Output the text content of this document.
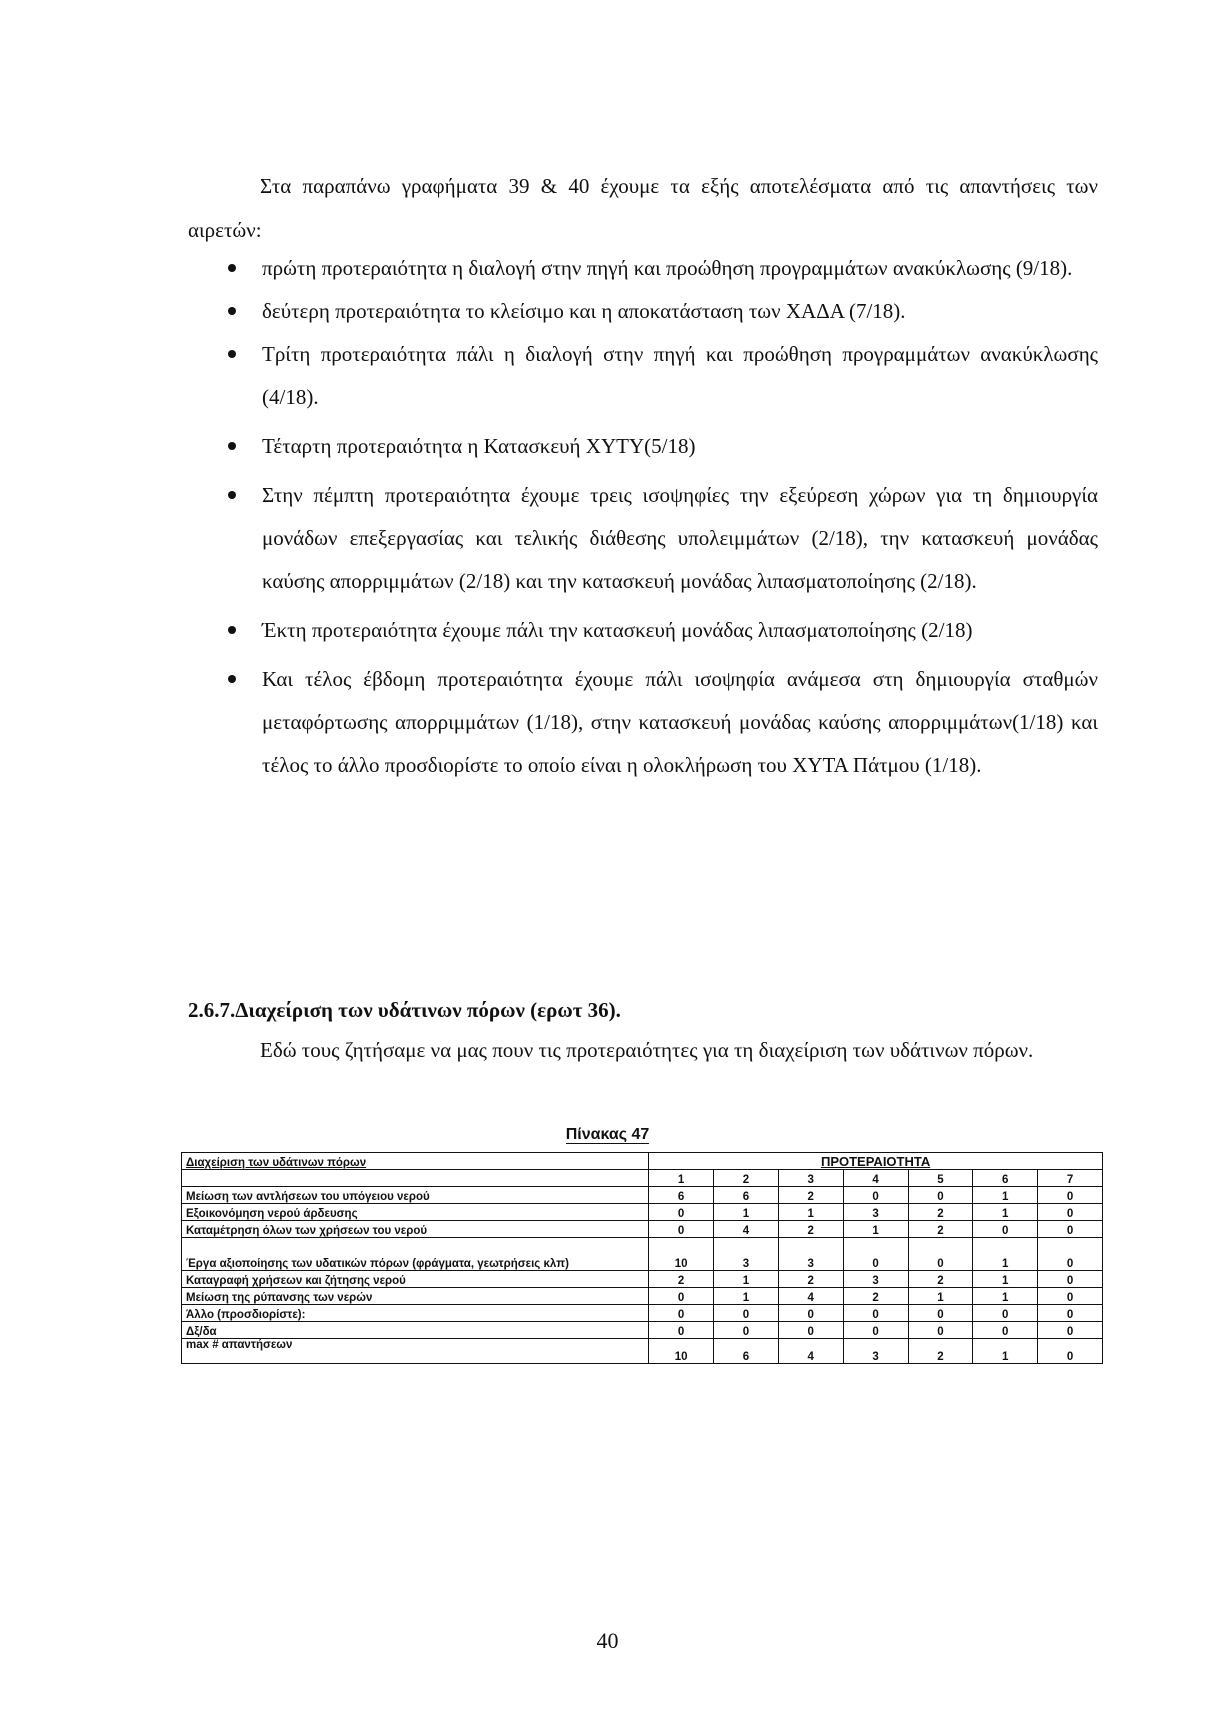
Στα παραπάνω γραφήματα 39 & 40 έχουμε τα εξής αποτελέσματα από τις απαντήσεις των αιρετών:

πρώτη προτεραιότητα η διαλογή στην πηγή και προώθηση προγραμμάτων ανακύκλωσης (9/18).
δεύτερη προτεραιότητα το κλείσιμο και η αποκατάσταση των ΧΑΔΑ (7/18).
Τρίτη προτεραιότητα πάλι η διαλογή στην πηγή και προώθηση προγραμμάτων ανακύκλωσης (4/18).
Τέταρτη προτεραιότητα η Κατασκευή ΧΥΤΥ(5/18)
Στην πέμπτη προτεραιότητα έχουμε τρεις ισοψηφίες την εξεύρεση χώρων για τη δημιουργία μονάδων επεξεργασίας και τελικής διάθεσης υπολειμμάτων (2/18), την κατασκευή μονάδας καύσης απορριμμάτων (2/18) και την κατασκευή μονάδας λιπασματοποίησης (2/18).
Έκτη προτεραιότητα έχουμε πάλι την κατασκευή μονάδας λιπασματοποίησης (2/18)
Και τέλος έβδομη προτεραιότητα έχουμε πάλι ισοψηφία ανάμεσα στη δημιουργία σταθμών μεταφόρτωσης απορριμμάτων (1/18), στην κατασκευή μονάδας καύσης απορριμμάτων(1/18) και τέλος το άλλο προσδιορίστε το οποίο είναι η ολοκλήρωση του ΧΥΤΑ Πάτμου (1/18).

2.6.7.Διαχείριση των υδάτινων πόρων (ερωτ 36).

Εδώ τους ζητήσαμε να μας πουν τις προτεραιότητες για τη διαχείριση των υδάτινων πόρων.

Πίνακας 47
Διαχείριση των υδάτινων πόρων	ΠΡΟΤΕΡΑΙΟΤΗΤΑ						
	1	2	3	4	5	6	7
Μείωση των αντλήσεων του υπόγειου νερού	6	6	2	0	0	1	0
Εξοικονόμηση νερού άρδευσης	0	1	1	3	2	1	0
Καταμέτρηση όλων των χρήσεων του νερού	0	4	2	1	2	0	0
Έργα αξιοποίησης των υδατικών πόρων (φράγματα, γεωτρήσεις κλπ)	10	3	3	0	0	1	0
Καταγραφή χρήσεων και ζήτησης νερού	2	1	2	3	2	1	0
Μείωση της ρύπανσης των νερών	0	1	4	2	1	1	0
Άλλο (προσδιορίστε):	0	0	0	0	0	0	0
Δξ/δα	0	0	0	0	0	0	0
max # απαντήσεων	10	6	4	3	2	1	0
40
